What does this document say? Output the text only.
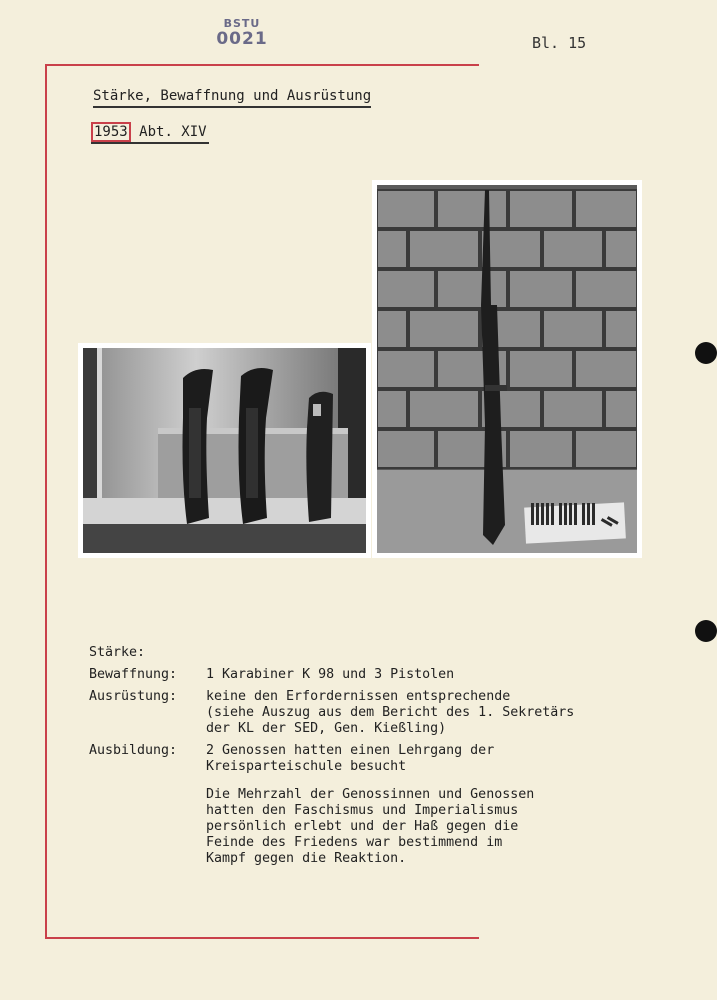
BSTU
0021	Bl. 15
Stärke, Bewaffnung und Ausrüstung
1953 Abt. XIV
Stärke:
Bewaffnung:	1 Karabiner K 98 und 3 Pistolen
Ausrüstung:	keine den Erfordernissen entsprechende
(siehe Auszug aus dem Bericht des 1. Sekretärs
der KL der SED, Gen. Kießling)
Ausbildung:	2 Genossen hatten einen Lehrgang der
Kreisparteischule besucht
Die Mehrzahl der Genossinnen und Genossen
hatten den Faschismus und Imperialismus
persönlich erlebt und der Haß gegen die
Feinde des Friedens war bestimmend im
Kampf gegen die Reaktion.
